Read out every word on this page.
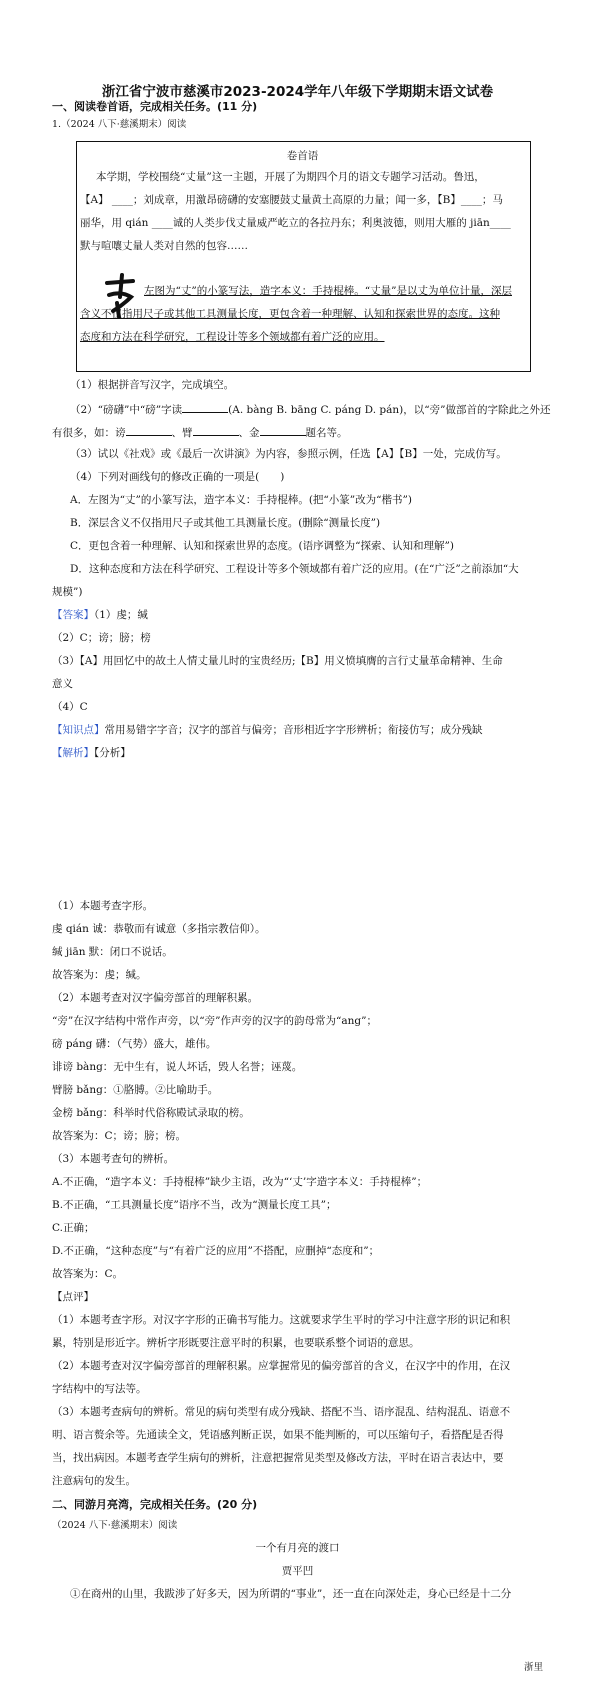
浙江省宁波市慈溪市2023-2024学年八年级下学期期末语文试卷
一、阅读卷首语，完成相关任务。(11 分)
1.（2024 八下·慈溪期末）阅读
卷首语
本学期，学校围绕“丈量”这一主题，开展了为期四个月的语文专题学习活动。鲁迅，
【A】 ____；刘成章，用激昂磅礴的安塞腰鼓丈量黄土高原的力量；闻一多，【B】____；马
丽华，用 qián ____诚的人类步伐丈量威严屹立的各拉丹东；利奥波德，则用大雁的 jiān____
默与喧嚷丈量人类对自然的包容……
左图为“丈”的小篆写法，造字本义：手持棍棒。“丈量”是以丈为单位计量，深层
含义不仅指用尺子或其他工具测量长度，更包含着一种理解、认知和探索世界的态度。这种
态度和方法在科学研究，工程设计等多个领域都有着广泛的应用。
（1）根据拼音写汉字，完成填空。
（2）“磅礴”中“磅”字读	(A. bàng B. bāng C. páng D. pán)，以“旁”做部首的字除此之外还
有很多，如：谤	、臂	、金	题名等。
（3）试以《社戏》或《最后一次讲演》为内容，参照示例，任选【A】【B】一处，完成仿写。
（4）下列对画线句的修改正确的一项是(　　)
A．左图为“丈”的小篆写法，造字本义：手持棍棒。(把“小篆”改为“楷书”)
B．深层含义不仅指用尺子或其他工具测量长度。(删除“测量长度”)
C．更包含着一种理解、认知和探索世界的态度。(语序调整为“探索、认知和理解”)
D．这种态度和方法在科学研究、工程设计等多个领域都有着广泛的应用。(在“广泛”之前添加“大
规模”)
【答案】（1）虔；缄
（2）C；谤；膀；榜
（3）【A】用回忆中的故土人情丈量儿时的宝贵经历;【B】用义愤填膺的言行丈量革命精神、生命
意义
（4）C
【知识点】常用易错字字音；汉字的部首与偏旁；音形相近字字形辨析；衔接仿写；成分残缺
【解析】【分析】
（1）本题考查字形。
虔 qián 诚：恭敬而有诚意（多指宗教信仰）。
缄 jiān 默：闭口不说话。
故答案为：虔；缄。
（2）本题考查对汉字偏旁部首的理解积累。
“旁”在汉字结构中常作声旁，以“旁”作声旁的汉字的韵母常为“ang”；
磅 páng 礴：（气势）盛大，雄伟。
诽谤 bàng：无中生有，说人坏话，毁人名誉；诬蔑。
臂膀 bǎng：①胳膊。②比喻助手。
金榜 bǎng：科举时代俗称殿试录取的榜。
故答案为：C；谤；膀；榜。
（3）本题考查句的辨析。
A.不正确，“造字本义：手持棍棒”缺少主语，改为“‘丈’字造字本义：手持棍棒”；
B.不正确，“工具测量长度”语序不当，改为“测量长度工具”；
C.正确；
D.不正确，“这种态度”与“有着广泛的应用”不搭配，应删掉“态度和”；
故答案为：C。
【点评】
（1）本题考查字形。对汉字字形的正确书写能力。这就要求学生平时的学习中注意字形的识记和积
累，特别是形近字。辨析字形既要注意平时的积累，也要联系整个词语的意思。
（2）本题考查对汉字偏旁部首的理解积累。应掌握常见的偏旁部首的含义，在汉字中的作用，在汉
字结构中的写法等。
（3）本题考查病句的辨析。常见的病句类型有成分残缺、搭配不当、语序混乱、结构混乱、语意不
明、语言赘余等。先通读全文，凭语感判断正误，如果不能判断的，可以压缩句子，看搭配是否得
当，找出病因。本题考查学生病句的辨析，注意把握常见类型及修改方法，平时在语言表达中，要
注意病句的发生。
二、同游月亮湾，完成相关任务。(20 分)
（2024 八下·慈溪期末）阅读
一个有月亮的渡口
贾平凹
①在商州的山里，我跋涉了好多天，因为所谓的“事业”，还一直在向深处走，身心已经是十二分
浙里
